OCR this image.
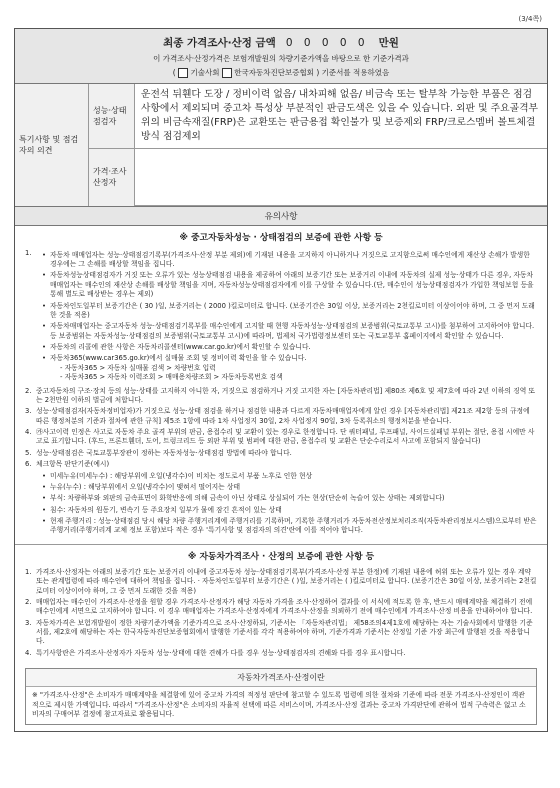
(3/4쪽)
최종 가격조사·산정 금액 0 0 0 0 0 만원
이 가격조사·산정가격은 보험개발원의 차량기준가액을 바탕으로 한 기준가격과
( 기술사회 한국자동차진단보증협회 ) 기준서를 적용하였음
특기사항 및 점검자의 의견
성능·상태점검자
운전석 뒤휀다 도장 / 정비이력 없음/ 내차피해 없음/ 비금속 또는 탈부착 가능한 부품은 점검사항에서 제외되며 중고차 특성상 부분적인 판금도색은 있을 수 있습니다. 외판 및 주요골격부위의 비금속재질(FRP)은 교환또는 판금용접 확인불가 및 보증제외 FRP/크로스멤버 볼트체결방식 점검제외
가격·조사산정자
유의사항
※ 중고자동차성능 · 상태점검의 보증에 관한 사항 등
1.	• 자동차 매매업자는 성능·상태점검기록부(가격조사·산정 부분 제외)에 기재된 내용을 고지하지 아니하거나 거짓으로 고지함으로써 매수인에게 재산상 손해가 발생한 경우에는 그 손해를 배상할 책임을 집니다.
• 자동차성능상태점검자가 거짓 또는 오류가 있는 성능상태점검 내용을 제공하여 아래의 보증기간 또는 보증거리 이내에 자동차의 실제 성능·상태가 다른 경우, 자동차매매업자는 매수인의 재산상 손해를 배상할 책임을 지며, 자동차성능상태점검자에게 이를 구상할 수 있습니다.(단, 매수인이 성능상태점검자가 가입한 책임보험 등을 통해 별도로 배상받는 경우는 제외)
• 자동차인도일부터 보증기간은 ( 30 )일, 보증거리는 ( 2000 )킬로미터로 합니다. (보증기간은 30일 이상, 보증거리는 2천킬로미터 이상이어야 하며, 그 중 먼저 도래한 것을 적용)
• 자동차매매업자는 중고자동차 성능·상태점검기록부를 매수인에게 고지할 때 현행 자동차성능·상태점검의 보증범위(국토교통부 고시)를 첨부하여 고지하여야 합니다. 등 보증범위는 자동차성능·상태점검의 보증범위(국토교통부 고시)에 따라며, 법제처 국가법령정보센터 또는 국토교통부 홈페이지에서 확인할 수 있습니다.
• 자동차의 리콜에 관한 사항은 자동차리콜센터(www.car.go.kr)에서 확인할 수 있습니다.
• 자동차365(www.car365.go.kr)에서 실매물 조회 및 정비이력 확인을 할 수 있습니다.
- 자동차365 > 자동차 실매물 검색 > 차량번호 입력
- 자동차365 > 자동차 이력조회 > 매매용차량조회 > 자동차등록번호 검색
2. 중고자동차의 구조·장치 등의 성능·상태를 고지하지 아니한 자, 거짓으로 점검하거나 거짓 고지한 자는 [자동차관리법] 제80조 제6호 및 제7호에 따라 2년 이하의 징역 또는 2천만원 이하의 벌금에 처합니다.
3. 성능·상태점검자(자동차정비업자)가 거짓으로 성능·상태 점검을 하거나 점검한 내용과 다르게 자동차매매업자에게 알린 경우 [자동차관리법] 제21조 제2항 등의 규정에 따른 행정처분의 기준과 절차에 관한 규칙] 제5조 1항에 따라 1차 사업정지 30일, 2차 사업정지 90일, 3차 등록취소의 행정처분을 받습니다.
4. ㉮사고이력 인정은 사고로 자동차 주요 골격 부위의 판금, 용접수리 및 교환이 있는 경우로 한정합니다. 단 쿼터패널, 루프패널, 사이드실패널 부위는 절단, 용접 시에만 사고로 표기합니다. (후드, 프론트휀더, 도어, 트렁크리드 등 외판 부위 및 범퍼에 대한 판금, 용접수리 및 교환은 단순수리로서 사고에 포함되지 않습니다)
5. 성능·상태점검은 국토교통부장관이 정하는 자동차성능·상태점검 방법에 따라야 합니다.
6. 체크항목 판단기준(예시)
• 미세누유(미세누수) : 해당부위에 오일(냉각수)이 비치는 정도로서 부품 노후로 인한 현상
• 누유(누수) : 해당부위에서 오일(냉각수)이 맺혀서 떨어지는 상태
• 부식: 차량하부와 외판의 금속표면이 화학반응에 의해 금속이 아닌 상태로 상실되어 가는 현상(단순히 녹슬어 있는 상태는 제외합니다)
• 침수: 자동차의 원동기, 변속기 등 주요장치 일부가 물에 잠긴 흔적이 있는 상태
• 현재 주행거리 : 성능·상태점검 당시 해당 차량 주행거리계에 주행거리를 기록하며, 기록한 주행거리가 자동차전산정보처리조직(자동차관리정보시스템)으로부터 받은 주행거리(주행거리계 교체 정보 포함)보다 적은 경우 '특기사항 및 점검자의 의견'란에 이를 적어야 합니다.
※ 자동차가격조사 · 산정의 보증에 관한 사항 등
1. 가격조사·산정자는 아래의 보증기간 또는 보증거리 이내에 중고자동차 성능·상태점검기록부(가격조사·산정 부분 한정)에 기재된 내용에 허위 또는 오류가 있는 경우 계약 또는 관계법령에 따라 매수인에 대하여 책임을 집니다. · 자동차인도일부터 보증기간은 ( )일, 보증거리는 ( )킬로미터로 합니다. (보증기간은 30일 이상, 보증거리는 2천킬로미터 이상이어야 하며, 그 중 먼저 도래한 것을 적용)
2. 매매업자는 매수인이 가격조사·산정을 원할 경우 가격조사·산정자가 해당 자동차 가격을 조사·산정하여 결과를 이 서식에 적도록 한 후, 반드시 매매계약을 체결하기 전에 매수인에게 서면으로 고지하여야 합니다. 이 경우 매매업자는 가격조사·산정자에게 가격조사·산정을 의뢰하기 전에 매수인에게 가격조사·산정 비용을 안내하여야 합니다.
3. 자동차가격은 보험개발원이 정한 차량기준가액을 기준가격으로 조사·산정하되, 기준서는 「자동차관리법」 제58조의4제1호에 해당하는 자는 기술사회에서 발행한 기준서를, 제2호에 해당하는 자는 한국자동차진단보증협회에서 발행한 기준서를 각각 적용하여야 하며, 기준가격과 기준서는 산정일 기준 가장 최근에 발행된 것을 적용합니다.
4. 특기사항란은 가격조사·산정자가 자동차 성능·상태에 대한 견해가 다를 경우 성능·상태점검자의 견해와 다를 경우 표시합니다.
자동차가격조사·산정이란
※ "가격조사·산정"은 소비자가 매매계약을 체결함에 있어 중고차 가격의 적정성 판단에 참고할 수 있도록 법령에 의한 절차와 기준에 따라 전문 가격조사·산정인이 객관적으로 제시한 가액입니다. 따라서 "가격조사·산정"은 소비자의 자율적 선택에 따른 서비스이며, 가격조사·산정 결과는 중고차 가격판단에 관하여 법적 구속력은 없고 소비자의 구매여부 결정에 참고자료로 활용됩니다.
